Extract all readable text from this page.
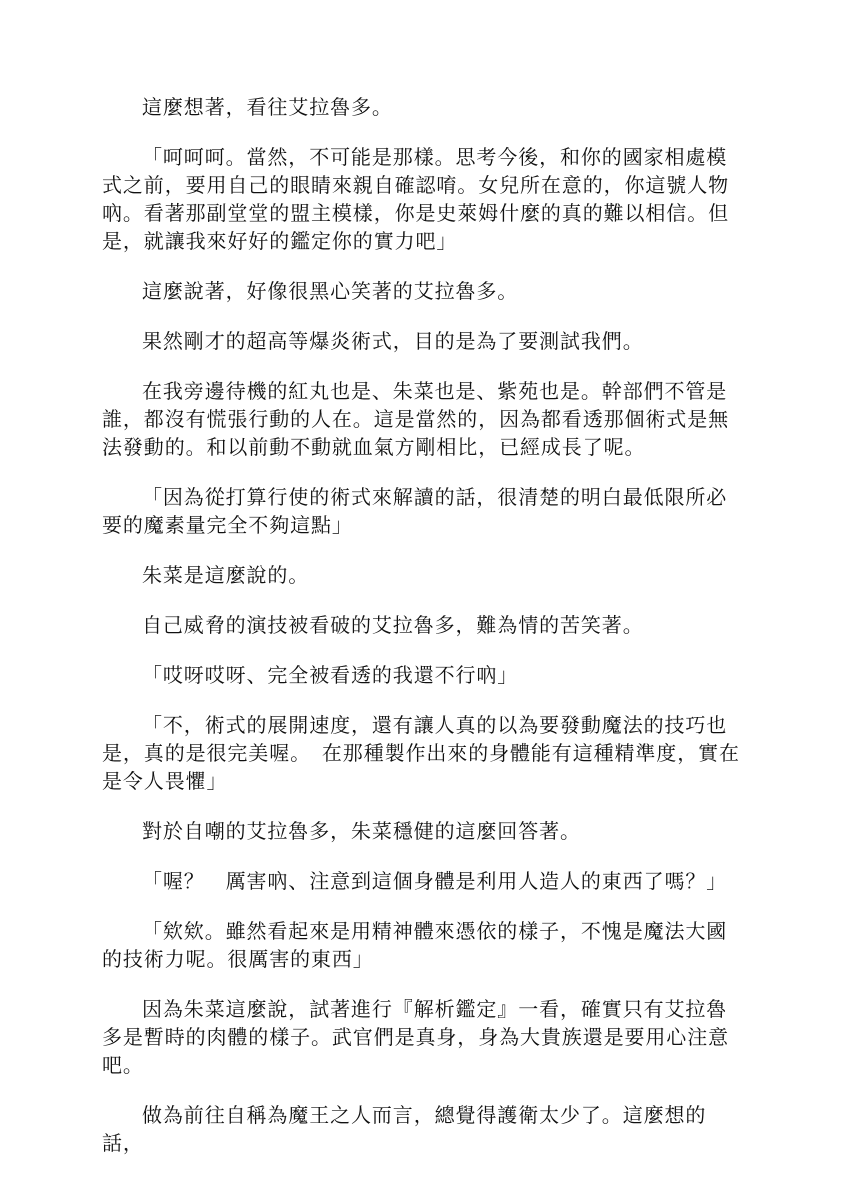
這麼想著，看往艾拉魯多。

「呵呵呵。當然，不可能是那樣。思考今後，和你的國家相處模式之前，要用自己的眼睛來親自確認唷。女兒所在意的，你這號人物吶。看著那副堂堂的盟主模樣，你是史萊姆什麼的真的難以相信。但是，就讓我來好好的鑑定你的實力吧」

這麼說著，好像很黑心笑著的艾拉魯多。

果然剛才的超高等爆炎術式，目的是為了要測試我們。

在我旁邊待機的紅丸也是、朱菜也是、紫苑也是。幹部們不管是誰，都沒有慌張行動的人在。這是當然的，因為都看透那個術式是無法發動的。和以前動不動就血氣方剛相比，已經成長了呢。

「因為從打算行使的術式來解讀的話，很清楚的明白最低限所必要的魔素量完全不夠這點」

朱菜是這麼說的。

自己威脅的演技被看破的艾拉魯多，難為情的苦笑著。

「哎呀哎呀、完全被看透的我還不行吶」

「不，術式的展開速度，還有讓人真的以為要發動魔法的技巧也是，真的是很完美喔。　在那種製作出來的身體能有這種精準度，實在是令人畏懼」

對於自嘲的艾拉魯多，朱菜穩健的這麼回答著。

「喔？　厲害吶、注意到這個身體是利用人造人的東西了嗎？」

「欸欸。雖然看起來是用精神體來憑依的樣子，不愧是魔法大國的技術力呢。很厲害的東西」

因為朱菜這麼說，試著進行『解析鑑定』一看，確實只有艾拉魯多是暫時的肉體的樣子。武官們是真身，身為大貴族還是要用心注意吧。

做為前往自稱為魔王之人而言，總覺得護衛太少了。這麼想的話，
